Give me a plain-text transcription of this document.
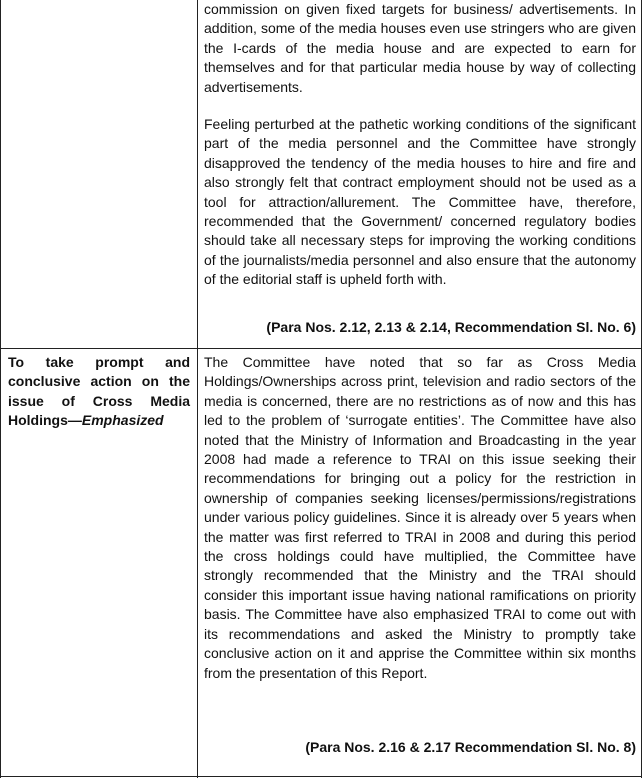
commission on given fixed targets for business/ advertisements. In addition, some of the media houses even use stringers who are given the I-cards of the media house and are expected to earn for themselves and for that particular media house by way of collecting advertisements.

Feeling perturbed at the pathetic working conditions of the significant part of the media personnel and the Committee have strongly disapproved the tendency of the media houses to hire and fire and also strongly felt that contract employment should not be used as a tool for attraction/allurement. The Committee have, therefore, recommended that the Government/ concerned regulatory bodies should take all necessary steps for improving the working conditions of the journalists/media personnel and also ensure that the autonomy of the editorial staff is upheld forth with.

(Para Nos. 2.12, 2.13 & 2.14, Recommendation Sl. No. 6)
To take prompt and conclusive action on the issue of Cross Media Holdings—Emphasized

The Committee have noted that so far as Cross Media Holdings/Ownerships across print, television and radio sectors of the media is concerned, there are no restrictions as of now and this has led to the problem of ‘surrogate entities’. The Committee have also noted that the Ministry of Information and Broadcasting in the year 2008 had made a reference to TRAI on this issue seeking their recommendations for bringing out a policy for the restriction in ownership of companies seeking licenses/permissions/registrations under various policy guidelines. Since it is already over 5 years when the matter was first referred to TRAI in 2008 and during this period the cross holdings could have multiplied, the Committee have strongly recommended that the Ministry and the TRAI should consider this important issue having national ramifications on priority basis. The Committee have also emphasized TRAI to come out with its recommendations and asked the Ministry to promptly take conclusive action on it and apprise the Committee within six months from the presentation of this Report.

(Para Nos. 2.16 & 2.17 Recommendation Sl. No. 8)
